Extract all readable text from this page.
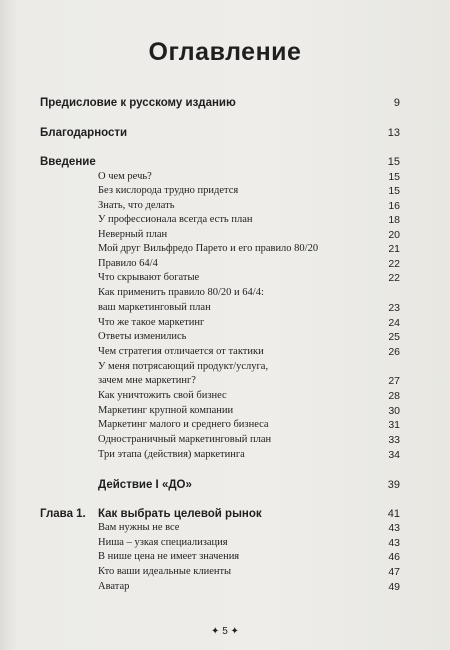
Оглавление
Предисловие к русскому изданию	9
Благодарности	13
Введение	15
О чем речь?	15
Без кислорода трудно придется	15
Знать, что делать	16
У профессионала всегда есть план	18
Неверный план	20
Мой друг Вильфредо Парето и его правило 80/20	21
Правило 64/4	22
Что скрывают богатые	22
Как применить правило 80/20 и 64/4:
ваш маркетинговый план	23
Что же такое маркетинг	24
Ответы изменились	25
Чем стратегия отличается от тактики	26
У меня потрясающий продукт/услуга,
зачем мне маркетинг?	27
Как уничтожить свой бизнес	28
Маркетинг крупной компании	30
Маркетинг малого и среднего бизнеса	31
Одностраничный маркетинговый план	33
Три этапа (действия) маркетинга	34
Действие I «ДО»	39
Глава 1. Как выбрать целевой рынок	41
Вам нужны не все	43
Ниша – узкая специализация	43
В нише цена не имеет значения	46
Кто ваши идеальные клиенты	47
Аватар	49
✦ 5 ✦
